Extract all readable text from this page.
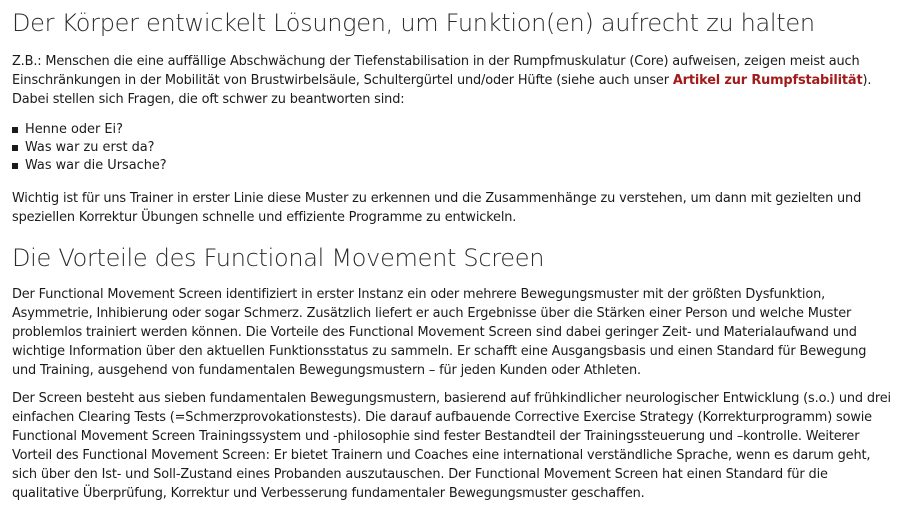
Der Körper entwickelt Lösungen, um Funktion(en) aufrecht zu halten

Z.B.: Menschen die eine auffällige Abschwächung der Tiefenstabilisation in der Rumpfmuskulatur (Core) aufweisen, zeigen meist auch Einschränkungen in der Mobilität von Brustwirbelsäule, Schultergürtel und/oder Hüfte (siehe auch unser Artikel zur Rumpfstabilität). Dabei stellen sich Fragen, die oft schwer zu beantworten sind:

Henne oder Ei?
Was war zu erst da?
Was war die Ursache?

Wichtig ist für uns Trainer in erster Linie diese Muster zu erkennen und die Zusammenhänge zu verstehen, um dann mit gezielten und speziellen Korrektur Übungen schnelle und effiziente Programme zu entwickeln.

Die Vorteile des Functional Movement Screen

Der Functional Movement Screen identifiziert in erster Instanz ein oder mehrere Bewegungsmuster mit der größten Dysfunktion, Asymmetrie, Inhibierung oder sogar Schmerz. Zusätzlich liefert er auch Ergebnisse über die Stärken einer Person und welche Muster problemlos trainiert werden können. Die Vorteile des Functional Movement Screen sind dabei geringer Zeit- und Materialaufwand und wichtige Information über den aktuellen Funktionsstatus zu sammeln. Er schafft eine Ausgangsbasis und einen Standard für Bewegung und Training, ausgehend von fundamentalen Bewegungsmustern – für jeden Kunden oder Athleten.

Der Screen besteht aus sieben fundamentalen Bewegungsmustern, basierend auf frühkindlicher neurologischer Entwicklung (s.o.) und drei einfachen Clearing Tests (=Schmerzprovokationstests). Die darauf aufbauende Corrective Exercise Strategy (Korrekturprogramm) sowie Functional Movement Screen Trainingssystem und -philosophie sind fester Bestandteil der Trainingssteuerung und –kontrolle. Weiterer Vorteil des Functional Movement Screen: Er bietet Trainern und Coaches eine international verständliche Sprache, wenn es darum geht, sich über den Ist- und Soll-Zustand eines Probanden auszutauschen. Der Functional Movement Screen hat einen Standard für die qualitative Überprüfung, Korrektur und Verbesserung fundamentaler Bewegungsmuster geschaffen.
